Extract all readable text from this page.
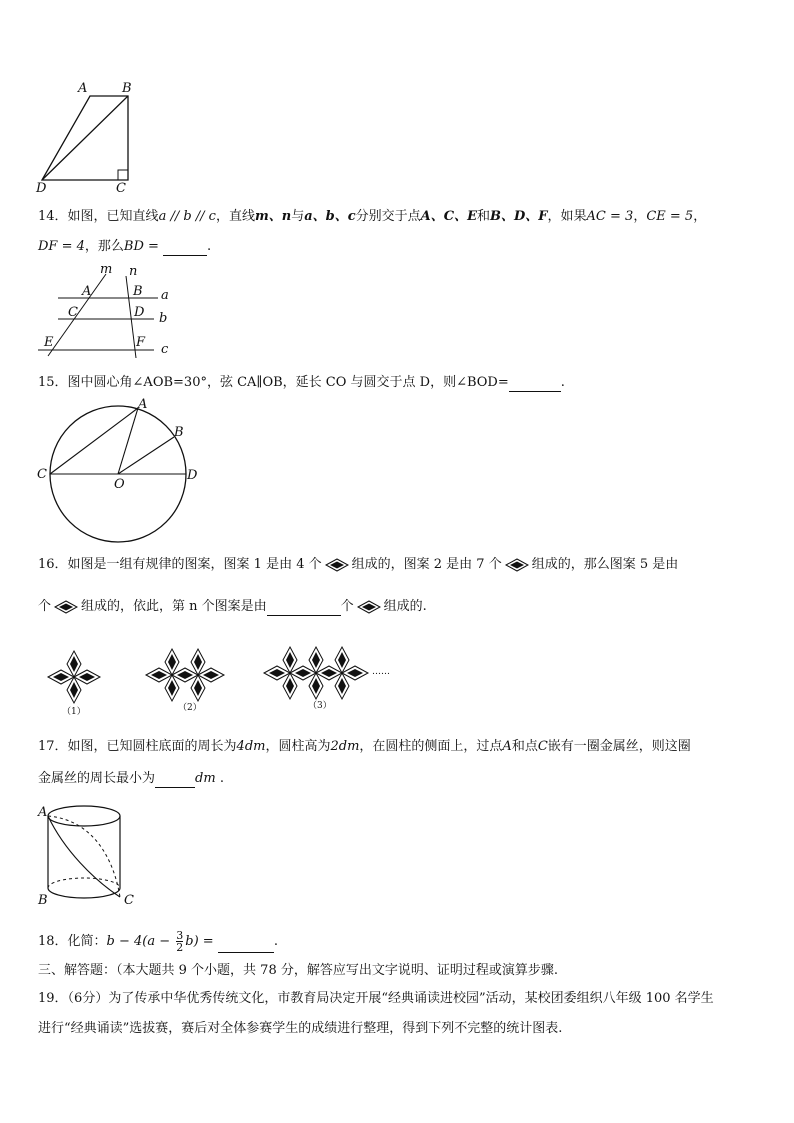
A	B
D	C
14．如图，已知直线a // b // c，直线m、n与a、b、c分别交于点A、C、E和B、D、F，如果AC = 3，CE = 5，
DF = 4，那么BD =	.
m n
a
b
c
A	B
C	D
E	F
15．图中圆心角∠AOB=30°，弦 CA∥OB，延长 CO 与圆交于点 D，则∠BOD=	.
A
B
C	D
O
16．如图是一组有规律的图案，图案 1 是由 4 个 组成的，图案 2 是由 7 个 组成的，那么图案 5 是由
个 组成的，依此，第 n 个图案是由	个 组成的.
（1）	（2）	（3）
……
17．如图，已知圆柱底面的周长为4dm，圆柱高为2dm，在圆柱的侧面上，过点A和点C嵌有一圈金属丝，则这圈
金属丝的周长最小为	dm .
A
B	C
18．化简：$b - 4(a - \frac{3}{2} b)$ =	.
三、解答题：（本大题共 9 个小题，共 78 分，解答应写出文字说明、证明过程或演算步骤.
19．（6分）为了传承中华优秀传统文化，市教育局决定开展“经典诵读进校园”活动，某校团委组织八年级 100 名学生
进行“经典诵读”选拔赛，赛后对全体参赛学生的成绩进行整理，得到下列不完整的统计图表.
